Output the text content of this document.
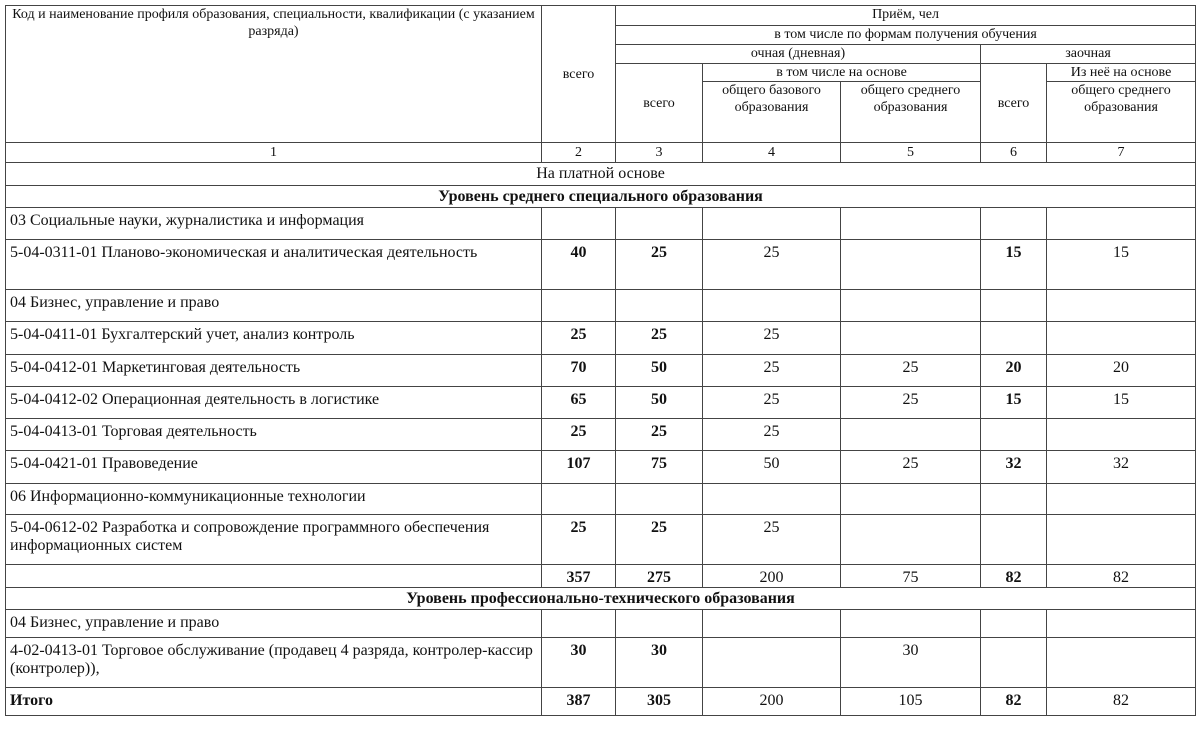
Код и наименование профиля образования, специальности, квалификации (с указанием разряда)	всего	Приём, чел				
		в том числе по формам получения обучения				
		очная (дневная)			заочная	
		всего	в том числе на основе		всего	Из неё на основе
			общего базового образования	общего среднего образования		общего среднего образования
1	2	3	4	5	6	7
На платной основе						
Уровень среднего специального образования						
03 Социальные науки, журналистика и информация						
5-04-0311-01 Планово-экономическая и аналитическая деятельность	40	25	25		15	15
04 Бизнес, управление и право						
5-04-0411-01 Бухгалтерский учет, анализ контроль	25	25	25			
5-04-0412-01 Маркетинговая деятельность	70	50	25	25	20	20
5-04-0412-02 Операционная деятельность в логистике	65	50	25	25	15	15
5-04-0413-01 Торговая деятельность	25	25	25			
5-04-0421-01 Правоведение	107	75	50	25	32	32
06 Информационно-коммуникационные технологии						
5-04-0612-02 Разработка и сопровождение программного обеспечения информационных систем	25	25	25			
	357	275	200	75	82	82
Уровень профессионально-технического образования						
04 Бизнес, управление и право						
4-02-0413-01 Торговое обслуживание (продавец 4 разряда, контролер-кассир (контролер)),	30	30		30		
Итого	387	305	200	105	82	82
